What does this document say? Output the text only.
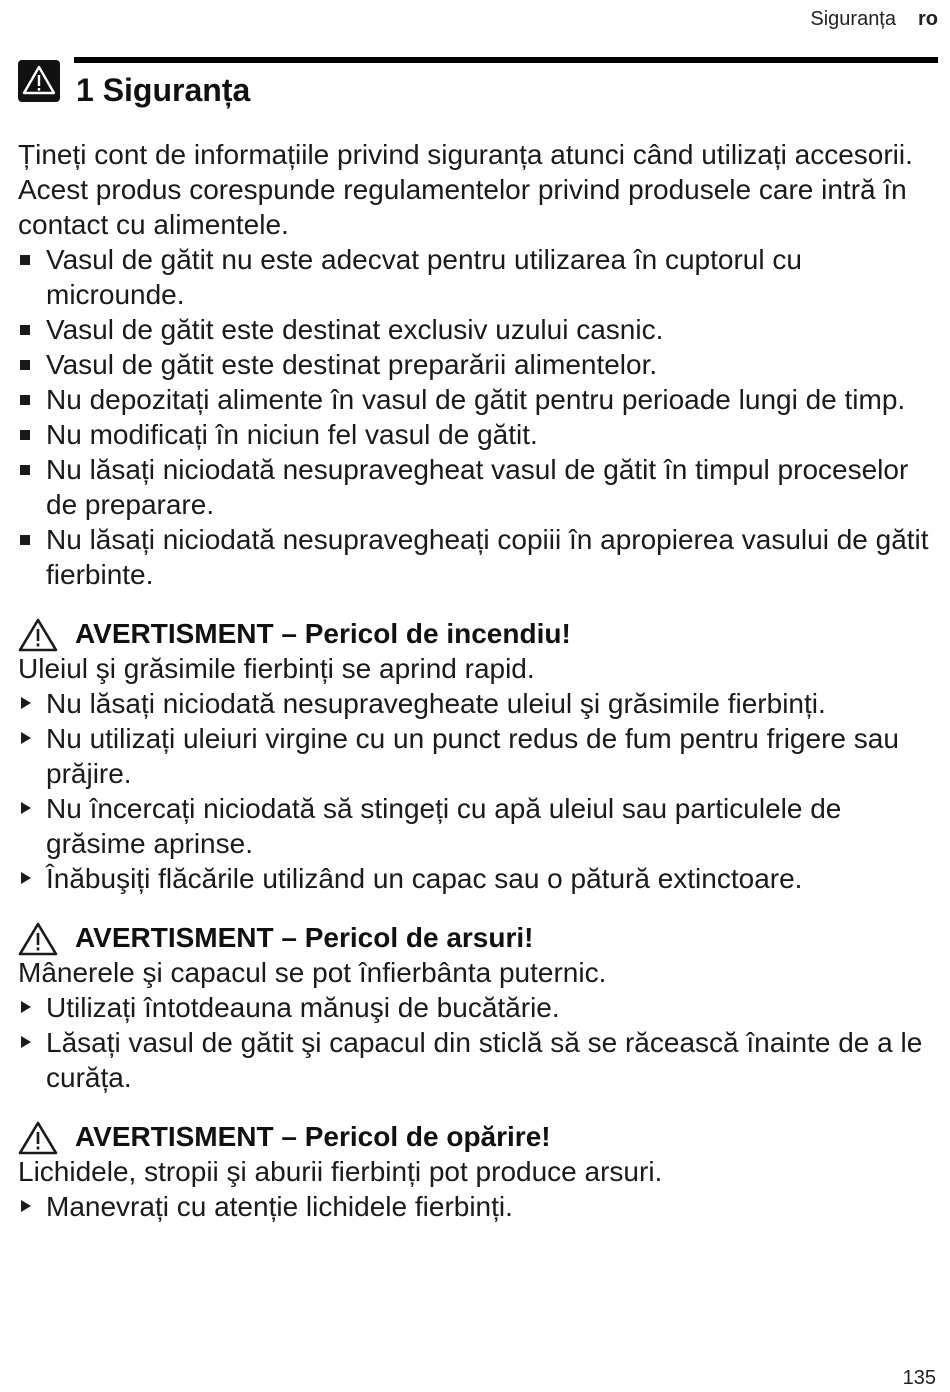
Siguranța ro
1 Siguranța

Țineți cont de informațiile privind siguranța atunci când utilizați accesorii.

Acest produs corespunde regulamentelor privind produsele care intră în contact cu alimentele.

Vasul de gătit nu este adecvat pentru utilizarea în cuptorul cu microunde.
Vasul de gătit este destinat exclusiv uzului casnic.
Vasul de gătit este destinat preparării alimentelor.
Nu depozitați alimente în vasul de gătit pentru perioade lungi de timp.
Nu modificați în niciun fel vasul de gătit.
Nu lăsați niciodată nesupravegheat vasul de gătit în timpul proceselor de preparare.
Nu lăsați niciodată nesupravegheați copiii în apropierea vasului de gătit fierbinte.
AVERTISMENT – Pericol de incendiu!

Uleiul şi grăsimile fierbinți se aprind rapid.

Nu lăsați niciodată nesupravegheate uleiul şi grăsimile fierbinți.
Nu utilizați uleiuri virgine cu un punct redus de fum pentru frigere sau prăjire.
Nu încercați niciodată să stingeți cu apă uleiul sau particulele de grăsime aprinse.
Înăbuşiți flăcările utilizând un capac sau o pătură extinctoare.
AVERTISMENT – Pericol de arsuri!

Mânerele şi capacul se pot înfierbânta puternic.

Utilizați întotdeauna mănuşi de bucătărie.
Lăsați vasul de gătit şi capacul din sticlă să se răcească înainte de a le curăța.
AVERTISMENT – Pericol de opărire!

Lichidele, stropii şi aburii fierbinți pot produce arsuri.

Manevrați cu atenție lichidele fierbinți.
135
